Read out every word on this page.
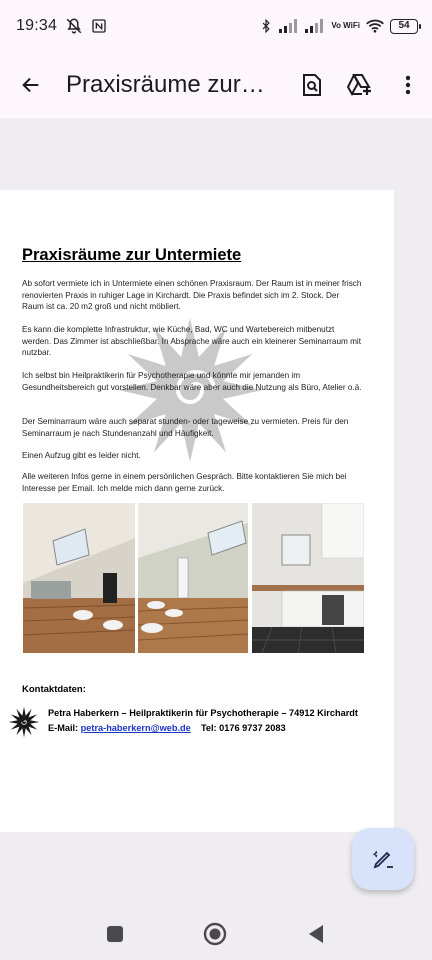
19:34	Vo WiFi	54
Praxisräume zur…
Praxisräume zur Untermiete

Ab sofort vermiete ich in Untermiete einen schönen Praxisraum. Der Raum ist in meiner frisch renovierten Praxis in ruhiger Lage in Kirchardt. Die Praxis befindet sich im 2. Stock. Der Raum ist ca. 20 m2 groß und nicht möbliert.

Es kann die komplette Infrastruktur, wie Küche, Bad, WC und Wartebereich mitbenutzt werden. Das Zimmer ist abschließbar. In Absprache wäre auch ein kleinerer Seminarraum mit nutzbar.

Ich selbst bin Heilpraktikerin für Psychotherapie und könnte mir jemanden im Gesundheitsbereich gut vorstellen. Denkbar wäre aber auch die Nutzung als Büro, Atelier o.ä.

Der Seminarraum wäre auch separat stunden- oder tageweise zu vermieten. Preis für den Seminarraum je nach Stundenanzahl und Häufigkeit.

Einen Aufzug gibt es leider nicht.

Alle weiteren Infos gerne in einem persönlichen Gespräch. Bitte kontaktieren Sie mich bei Interesse per Email. Ich melde mich dann gerne zurück.

Kontaktdaten:
Petra Haberkern – Heilpraktikerin für Psychotherapie – 74912 Kirchardt
E-Mail: petra-haberkern@web.de Tel: 0176 9737 2083
